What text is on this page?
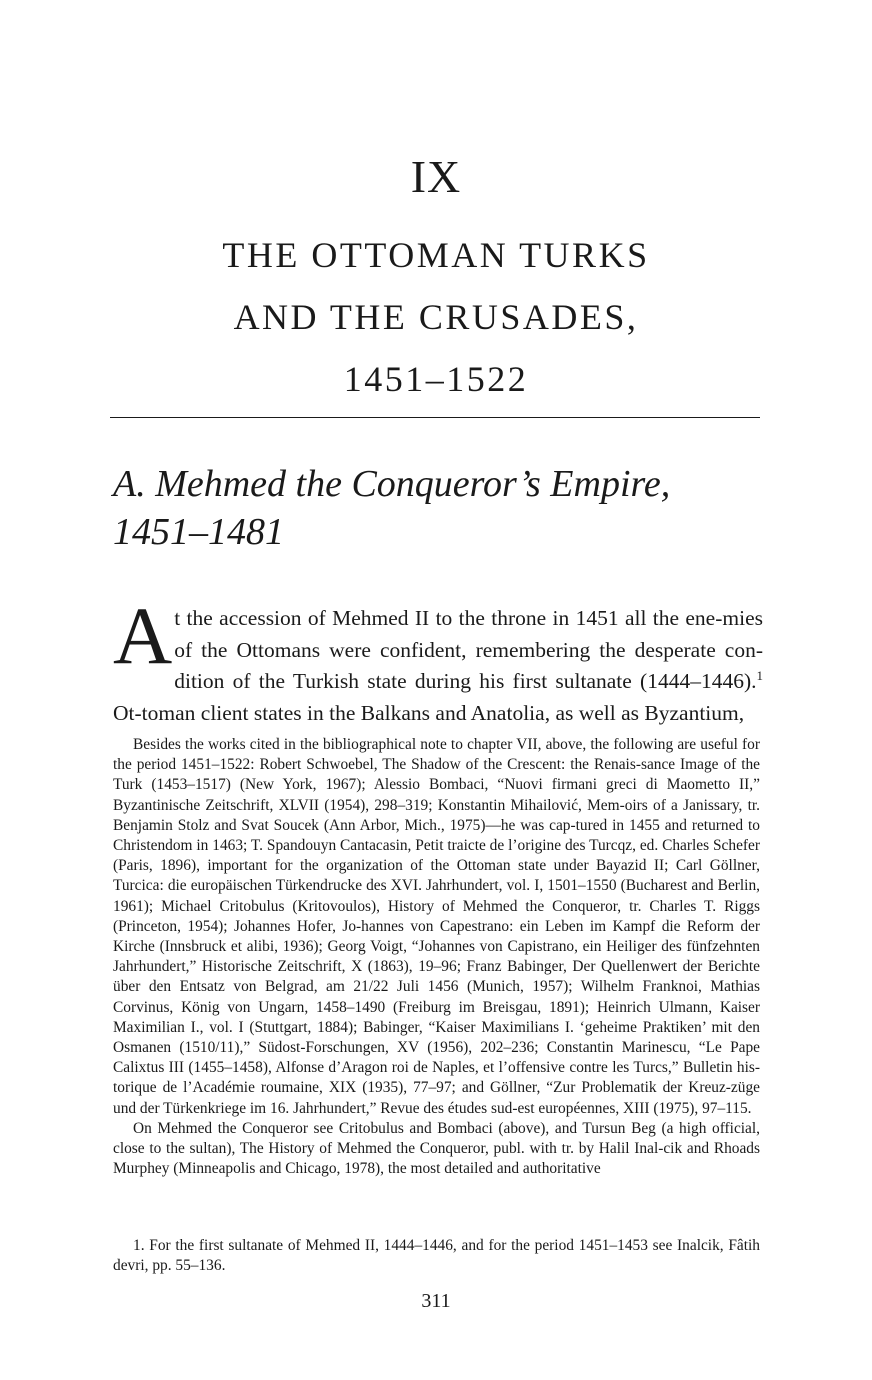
IX
THE OTTOMAN TURKS
AND THE CRUSADES,
1451–1522
A. Mehmed the Conqueror’s Empire,
1451–1481

At the accession of Mehmed II to the throne in 1451 all the ene-mies of the Ottomans were confident, remembering the desperate con-dition of the Turkish state during his first sultanate (1444–1446).$^1$ Ot-toman client states in the Balkans and Anatolia, as well as Byzantium,

Besides the works cited in the bibliographical note to chapter VII, above, the following are useful for the period 1451–1522: Robert Schwoebel, The Shadow of the Crescent: the Renais-sance Image of the Turk (1453–1517) (New York, 1967); Alessio Bombaci, “Nuovi firmani greci di Maometto II,” Byzantinische Zeitschrift, XLVII (1954), 298–319; Konstantin Mihailović, Mem-oirs of a Janissary, tr. Benjamin Stolz and Svat Soucek (Ann Arbor, Mich., 1975)—he was cap-tured in 1455 and returned to Christendom in 1463; T. Spandouyn Cantacasin, Petit traicte de l’origine des Turcqz, ed. Charles Schefer (Paris, 1896), important for the organization of the Ottoman state under Bayazid II; Carl Göllner, Turcica: die europäischen Türkendrucke des XVI. Jahrhundert, vol. I, 1501–1550 (Bucharest and Berlin, 1961); Michael Critobulus (Kritovoulos), History of Mehmed the Conqueror, tr. Charles T. Riggs (Princeton, 1954); Johannes Hofer, Jo-hannes von Capestrano: ein Leben im Kampf die Reform der Kirche (Innsbruck et alibi, 1936); Georg Voigt, “Johannes von Capistrano, ein Heiliger des fünfzehnten Jahrhundert,” Historische Zeitschrift, X (1863), 19–96; Franz Babinger, Der Quellenwert der Berichte über den Entsatz von Belgrad, am 21/22 Juli 1456 (Munich, 1957); Wilhelm Franknoi, Mathias Corvinus, König von Ungarn, 1458–1490 (Freiburg im Breisgau, 1891); Heinrich Ulmann, Kaiser Maximilian I., vol. I (Stuttgart, 1884); Babinger, “Kaiser Maximilians I. ‘geheime Praktiken’ mit den Osmanen (1510/11),” Südost-Forschungen, XV (1956), 202–236; Constantin Marinescu, “Le Pape Calixtus III (1455–1458), Alfonse d’Aragon roi de Naples, et l’offensive contre les Turcs,” Bulletin his-torique de l’Académie roumaine, XIX (1935), 77–97; and Göllner, “Zur Problematik der Kreuz-züge und der Türkenkriege im 16. Jahrhundert,” Revue des études sud-est européennes, XIII (1975), 97–115.

On Mehmed the Conqueror see Critobulus and Bombaci (above), and Tursun Beg (a high official, close to the sultan), The History of Mehmed the Conqueror, publ. with tr. by Halil Inal-cik and Rhoads Murphey (Minneapolis and Chicago, 1978), the most detailed and authoritative

1. For the first sultanate of Mehmed II, 1444–1446, and for the period 1451–1453 see Inalcik, Fâtih devri, pp. 55–136.

311
